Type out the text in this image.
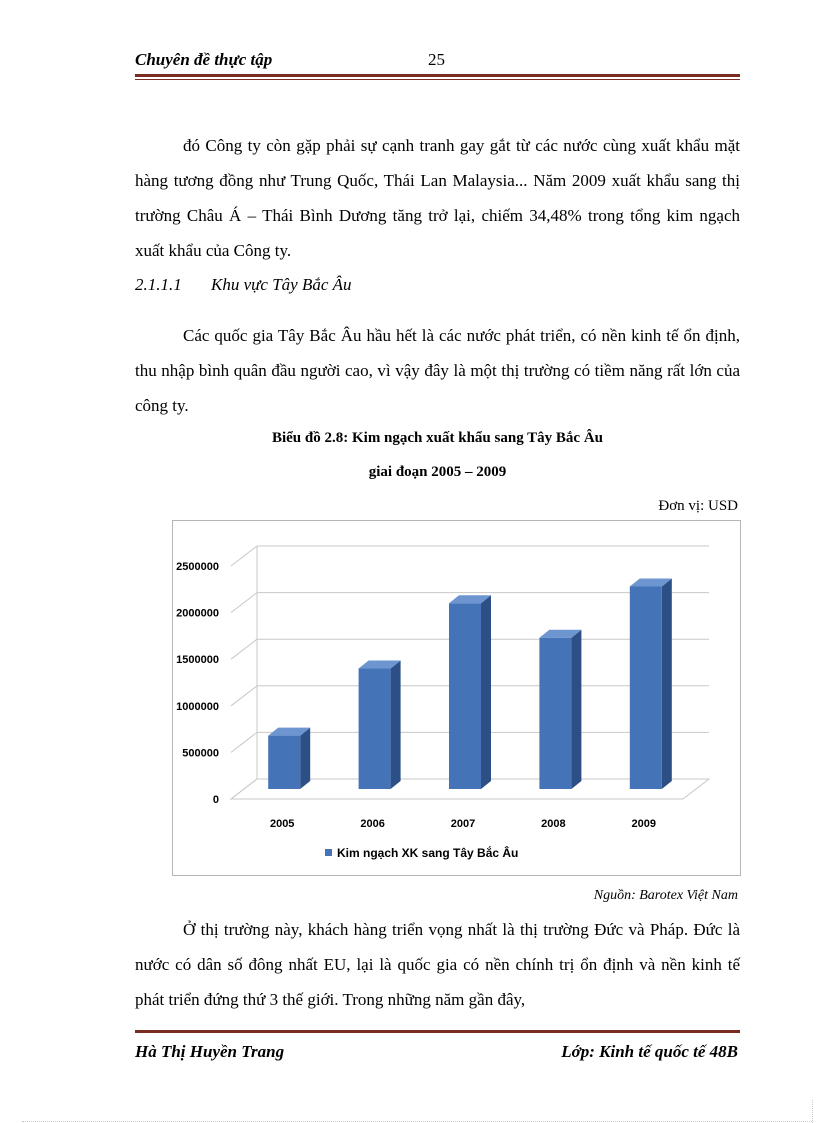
Chuyên đề thực tập	25

đó Công ty còn gặp phải sự cạnh tranh gay gắt từ các nước cùng xuất khẩu mặt hàng tương đồng như Trung Quốc, Thái Lan Malaysia... Năm 2009 xuất khẩu sang thị trường Châu Á – Thái Bình Dương tăng trở lại, chiếm 34,48% trong tổng kim ngạch xuất khẩu của Công ty.

2.1.1.1 Khu vực Tây Bắc Âu

Các quốc gia Tây Bắc Âu hầu hết là các nước phát triển, có nền kinh tế ổn định, thu nhập bình quân đầu người cao, vì vậy đây là một thị trường có tiềm năng rất lớn của công ty.

Biểu đồ 2.8: Kim ngạch xuất khẩu sang Tây Bắc Âu
giai đoạn 2005 – 2009
Đơn vị: USD
0
500000
1000000
1500000
2000000
2500000
2005	2006	2007	2008	2009
Kim ngạch XK sang Tây Bắc Âu
Nguồn: Barotex Việt Nam

Ở thị trường này, khách hàng triển vọng nhất là thị trường Đức và Pháp. Đức là nước có dân số đông nhất EU, lại là quốc gia có nền chính trị ổn định và nền kinh tế phát triển đứng thứ 3 thế giới. Trong những năm gần đây,

Hà Thị Huyền Trang	Lớp: Kinh tế quốc tế 48B
